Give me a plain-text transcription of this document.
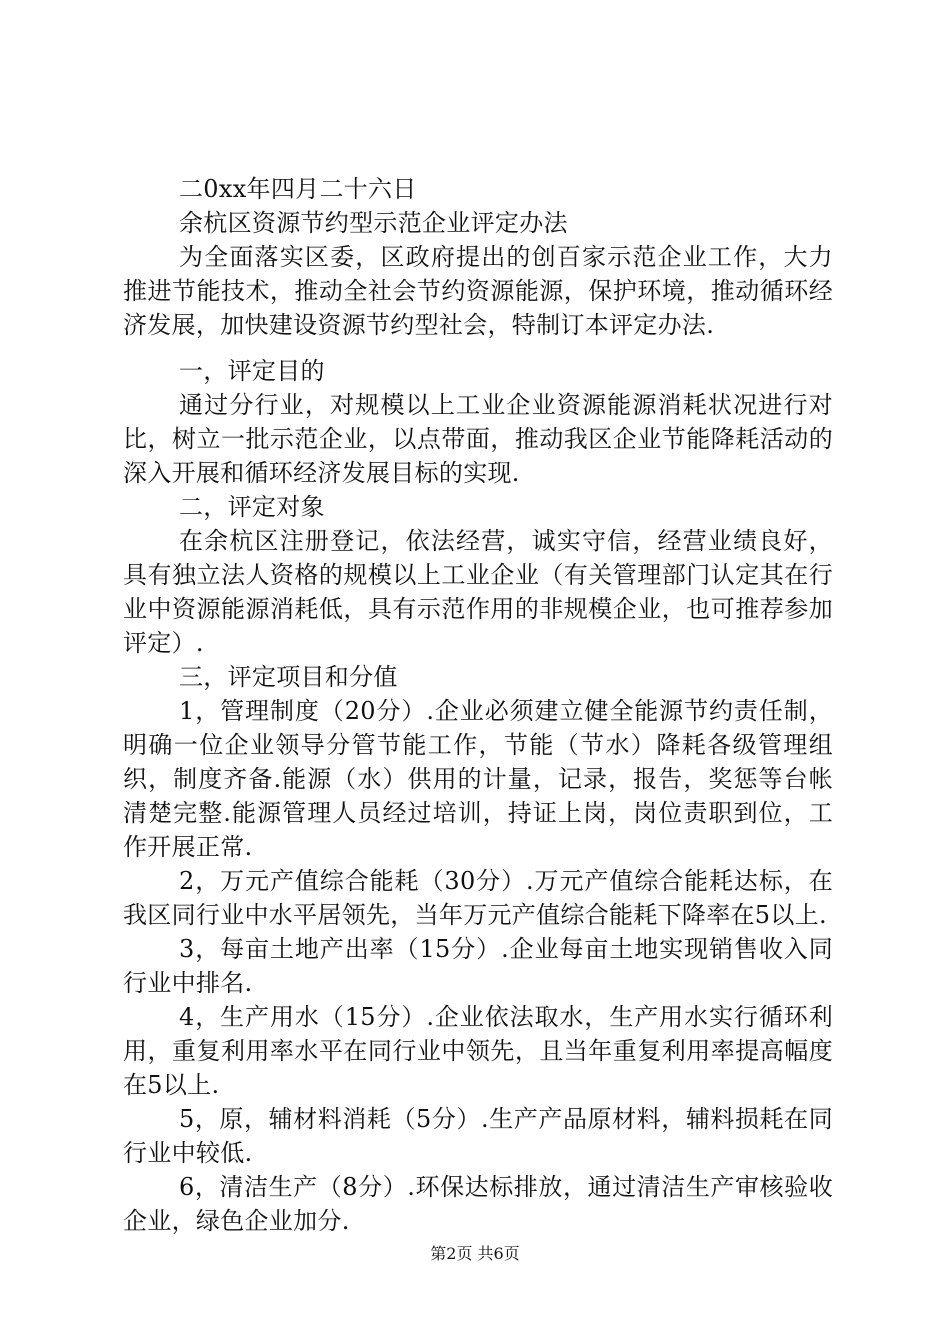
二0xx年四月二十六日

余杭区资源节约型示范企业评定办法

为全面落实区委，区政府提出的创百家示范企业工作，大力推进节能技术，推动全社会节约资源能源，保护环境，推动循环经济发展，加快建设资源节约型社会，特制订本评定办法.

一，评定目的

通过分行业，对规模以上工业企业资源能源消耗状况进行对比，树立一批示范企业，以点带面，推动我区企业节能降耗活动的深入开展和循环经济发展目标的实现.

二，评定对象

在余杭区注册登记，依法经营，诚实守信，经营业绩良好，具有独立法人资格的规模以上工业企业（有关管理部门认定其在行业中资源能源消耗低，具有示范作用的非规模企业，也可推荐参加评定）.

三，评定项目和分值

1，管理制度（20分）.企业必须建立健全能源节约责任制，明确一位企业领导分管节能工作，节能（节水）降耗各级管理组织，制度齐备.能源（水）供用的计量，记录，报告，奖惩等台帐清楚完整.能源管理人员经过培训，持证上岗，岗位责职到位，工作开展正常.

2，万元产值综合能耗（30分）.万元产值综合能耗达标，在我区同行业中水平居领先，当年万元产值综合能耗下降率在5以上.

3，每亩土地产出率（15分）.企业每亩土地实现销售收入同行业中排名.

4，生产用水（15分）.企业依法取水，生产用水实行循环利用，重复利用率水平在同行业中领先，且当年重复利用率提高幅度在5以上.

5，原，辅材料消耗（5分）.生产产品原材料，辅料损耗在同行业中较低.

6，清洁生产（8分）.环保达标排放，通过清洁生产审核验收企业，绿色企业加分.

第2页 共6页
